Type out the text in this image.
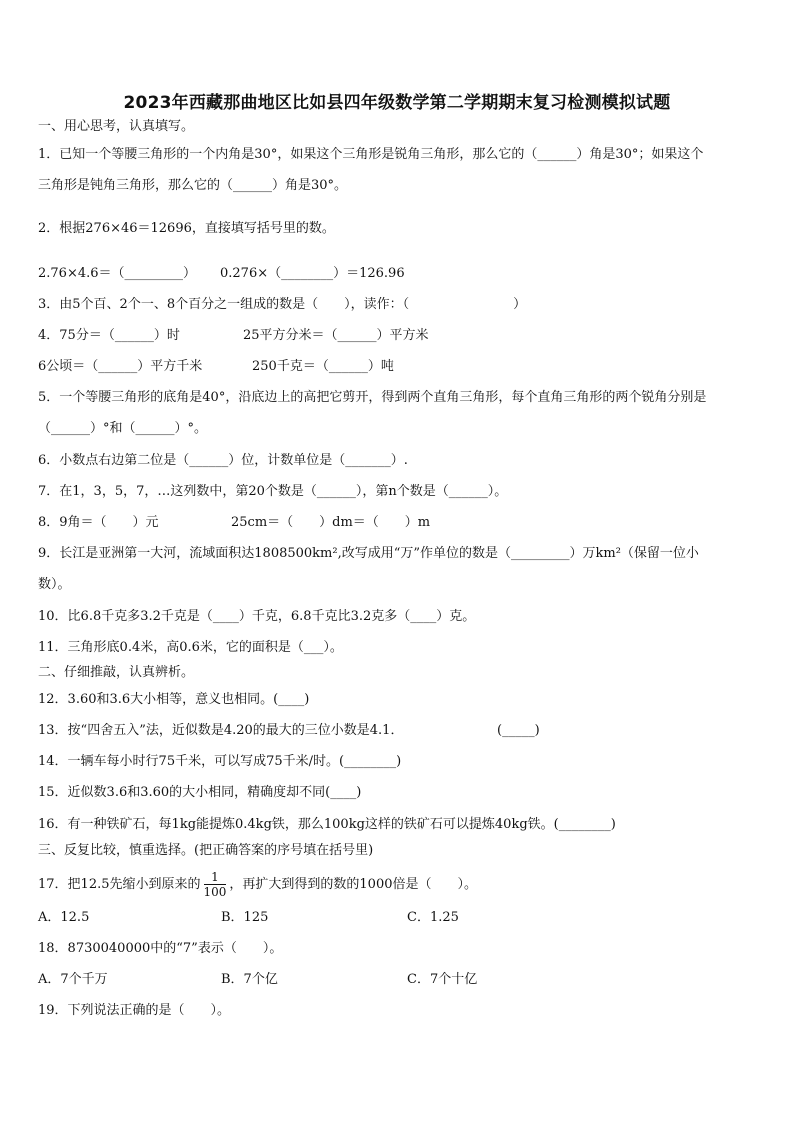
2023年西藏那曲地区比如县四年级数学第二学期期末复习检测模拟试题
一、用心思考，认真填写。
1．已知一个等腰三角形的一个内角是30°，如果这个三角形是锐角三角形，那么它的（______）角是30°；如果这个
三角形是钝角三角形，那么它的（______）角是30°。
2．根据276×46＝12696，直接填写括号里的数。
2.76×4.6＝（_________） 0.276×（________）＝126.96
3．由5个百、2个一、8个百分之一组成的数是（　　），读作：（　　　　　　　　）
4．75分＝（______）时	25平方分米＝（______）平方米
6公顷＝（______）平方千米	250千克＝（______）吨
5．一个等腰三角形的底角是40°，沿底边上的高把它剪开，得到两个直角三角形，每个直角三角形的两个锐角分别是
（______）°和（______）°。
6．小数点右边第二位是（______）位，计数单位是（_______）.
7．在1，3，5，7，…这列数中，第20个数是（______），第n个数是（______）。
8．9角＝（　　）元	25cm＝（　　）dm＝（　　）m
9．长江是亚洲第一大河，流域面积达1808500km²,改写成用“万”作单位的数是（_________）万km²（保留一位小
数）。
10．比6.8千克多3.2千克是（____）千克，6.8千克比3.2克多（____）克。
11．三角形底0.4米，高0.6米，它的面积是（___）。
二、仔细推敲，认真辨析。
12．3.60和3.6大小相等，意义也相同。(____)
13．按“四舍五入”法，近似数是4.20的最大的三位小数是4.1．	(_____)
14．一辆车每小时行75千米，可以写成75千米/时。(________)
15．近似数3.6和3.60的大小相同，精确度却不同(____)
16．有一种铁矿石，每1kg能提炼0.4kg铁，那么100kg这样的铁矿石可以提炼40kg铁。(________)
三、反复比较，慎重选择。(把正确答案的序号填在括号里)
17．把12.5先缩小到原来的 $\frac{1}{100}$ ，再扩大到得到的数的1000倍是（　　）。
A．12.5	B．125	C．1.25
18．8730040000中的“7”表示（　　）。
A．7个千万	B．7个亿	C．7个十亿
19．下列说法正确的是（　　）。
